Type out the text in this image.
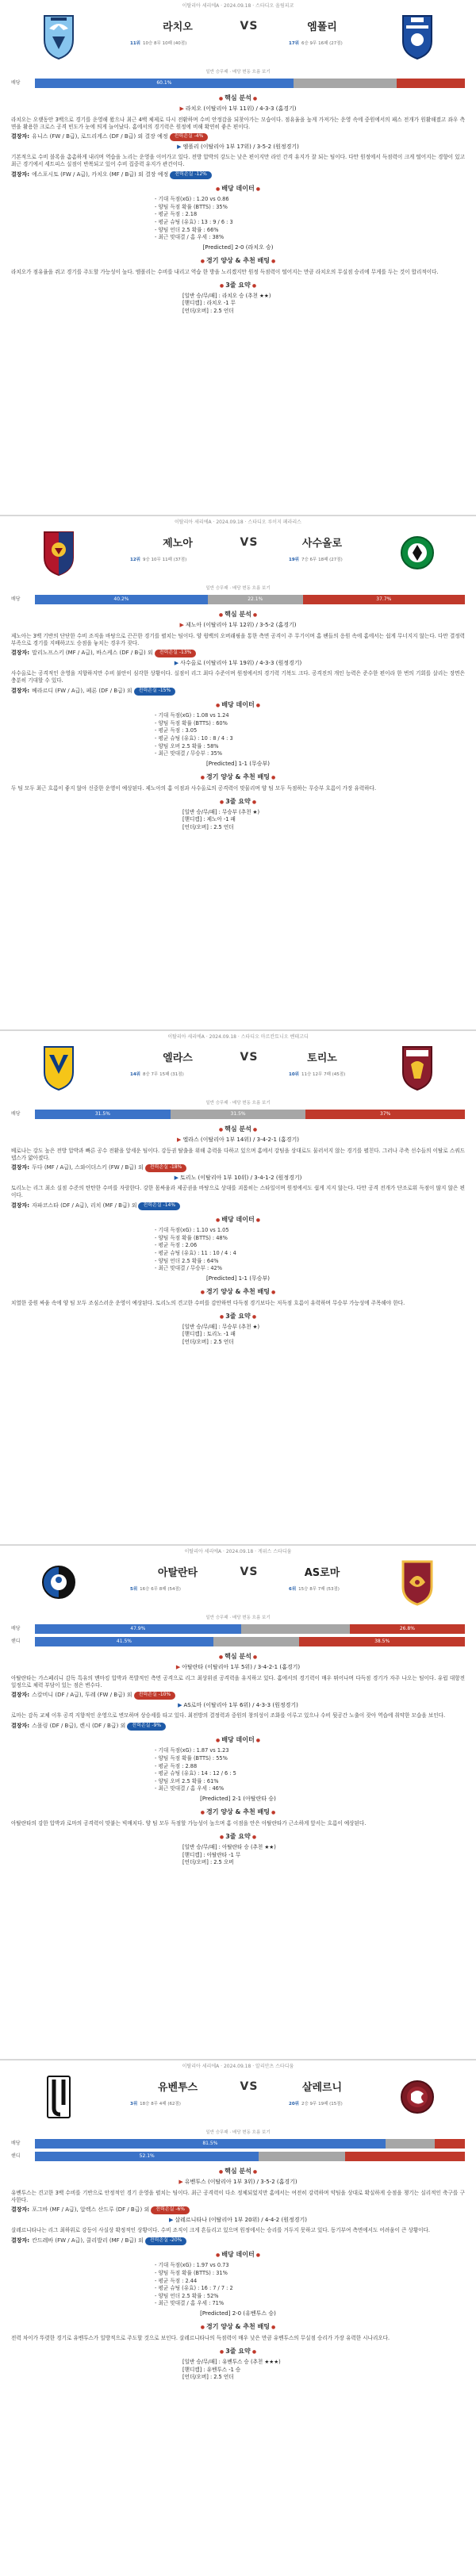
이탈리아 세리에A · 2024.09.18 · 스타디오 올림피코
라치오	VS	엠폴리
11위 10승 8무 10패 (40점)	17위 6승 9무 16패 (27점)
일반 승무패 · 배당 변동 흐름 보기
배당	60.1%
● 핵심 분석 ●
▶ 라치오 (이탈리아 1부 11위) / 4-3-3 (홈경기)

라치오는 오랫동안 3백으로 경기를 운영해 왔으나 최근 4백 체제로 다시 전환하며 수비 안정감을 되찾아가는 모습이다. 점유율을 높게 가져가는 운영 속에 중원에서의 패스 전개가 원활해졌고 좌우 측면을 활용한 크로스 공격 빈도가 눈에 띄게 늘어났다. 홈에서의 경기력은 원정에 비해 확연히 좋은 편이다.

결장자: 유니스 (FW / B급), 로드리게스 (DF / B급) 외 결장 예정	전력손실 -4%
▶ 엠폴리 (이탈리아 1부 17위) / 3-5-2 (원정경기)

기본적으로 수비 블록을 촘촘하게 내리며 역습을 노리는 운영을 이어가고 있다. 전방 압박의 강도는 낮은 편이지만 라인 간격 유지가 잘 되는 팀이다. 다만 원정에서 득점력이 크게 떨어지는 경향이 있고 최근 경기에서 세트피스 실점이 반복되고 있어 수비 집중력 유지가 관건이다.

결장자: 에스포시토 (FW / A급), 카치오 (MF / B급) 외 결장 예정	전력손실 -12%
● 배당 데이터 ●
- 기대 득점(xG) : 1.20 vs 0.86
- 양팀 득점 확률 (BTTS) : 35%
- 평균 득점 : 2.18
- 평균 슈팅 (유효) : 13 : 9 / 6 : 3
- 양팀 언더 2.5 확률 : 66%
- 최근 맞대결 / 홈 우세 : 38%
[Predicted] 2-0 (라치오 승)
● 경기 양상 & 추천 배팅 ●

라치오가 점유율을 쥐고 경기를 주도할 가능성이 높다. 엠폴리는 수비를 내리고 역습 한 방을 노리겠지만 원정 득점력이 떨어지는 만큼 라치오의 무실점 승리에 무게를 두는 것이 합리적이다.

● 3줄 요약 ●
[일반 승/무/패] : 라치오 승 (추천 ★★)
[핸디캡] : 라치오 -1 무
[언더/오버] : 2.5 언더
이탈리아 세리에A · 2024.09.18 · 스타디오 루이지 페라리스
제노아	VS	사수올로
12위 9승 10무 11패 (37점)	19위 7승 6무 18패 (27점)
일반 승무패 · 배당 변동 흐름 보기
배당	40.2%	22.1%	37.7%
● 핵심 분석 ●
▶ 제노아 (이탈리아 1부 12위) / 3-5-2 (홈경기)

제노아는 3백 기반의 단단한 수비 조직을 바탕으로 끈끈한 경기를 펼치는 팀이다. 양 윙백의 오버래핑을 통한 측면 공격이 주 무기이며 홈 팬들의 응원 속에 홈에서는 쉽게 무너지지 않는다. 다만 결정력 부족으로 경기를 지배하고도 승점을 놓치는 경우가 잦다.

결장자: 말리노프스키 (MF / A급), 바스케스 (DF / B급) 외	전력손실 -13%
▶ 사수올로 (이탈리아 1부 19위) / 4-3-3 (원정경기)

사수올로는 공격적인 운영을 지향하지만 수비 불안이 심각한 상황이다. 실점이 리그 최다 수준이며 원정에서의 경기력 기복도 크다. 공격진의 개인 능력은 준수한 편이라 한 번의 기회를 살리는 장면은 충분히 기대할 수 있다.

결장자: 베라르디 (FW / A급), 페론 (DF / B급) 외	전력손실 -15%
● 배당 데이터 ●
- 기대 득점(xG) : 1.08 vs 1.24
- 양팀 득점 확률 (BTTS) : 60%
- 평균 득점 : 3.05
- 평균 슈팅 (유효) : 10 : 8 / 4 : 3
- 양팀 오버 2.5 확률 : 58%
- 최근 맞대결 / 무승부 : 35%
[Predicted] 1-1 (무승부)
● 경기 양상 & 추천 배팅 ●

두 팀 모두 최근 흐름이 좋지 않아 신중한 운영이 예상된다. 제노아의 홈 이점과 사수올로의 공격력이 맞물리며 양 팀 모두 득점하는 무승부 흐름이 가장 유력하다.

● 3줄 요약 ●
[일반 승/무/패] : 무승부 (추천 ★)
[핸디캡] : 제노아 -1 패
[언더/오버] : 2.5 언더
이탈리아 세리에A · 2024.09.18 · 스타디오 마르칸토니오 벤테고디
엘라스	VS	토리노
14위 8승 7무 15패 (31점)	10위 11승 12무 7패 (45점)
일반 승무패 · 배당 변동 흐름 보기
배당	31.5%	31.5%	37%
● 핵심 분석 ●
▶ 엘라스 (이탈리아 1부 14위) / 3-4-2-1 (홈경기)

베로나는 강도 높은 전방 압박과 빠른 공수 전환을 앞세운 팀이다. 강등권 탈출을 위해 총력을 다하고 있으며 홈에서 강팀을 상대로도 물러서지 않는 경기를 펼친다. 그러나 주축 선수들의 이탈로 스쿼드 뎁스가 얇아졌다.

결장자: 두다 (MF / A급), 스와이더스키 (FW / B급) 외	전력손실 -18%
▶ 토리노 (이탈리아 1부 10위) / 3-4-1-2 (원정경기)

토리노는 리그 최소 실점 수준의 탄탄한 수비를 자랑한다. 강한 몸싸움과 제공권을 바탕으로 상대를 괴롭히는 스타일이며 원정에서도 쉽게 지지 않는다. 다만 공격 전개가 단조로워 득점이 많지 않은 편이다.

결장자: 자파코스타 (DF / A급), 리치 (MF / B급) 외	전력손실 -14%
● 배당 데이터 ●
- 기대 득점(xG) : 1.10 vs 1.05
- 양팀 득점 확률 (BTTS) : 48%
- 평균 득점 : 2.06
- 평균 슈팅 (유효) : 11 : 10 / 4 : 4
- 양팀 언더 2.5 확률 : 64%
- 최근 맞대결 / 무승부 : 42%
[Predicted] 1-1 (무승부)
● 경기 양상 & 추천 배팅 ●

치열한 중원 싸움 속에 양 팀 모두 조심스러운 운영이 예상된다. 토리노의 견고한 수비를 감안하면 다득점 경기보다는 저득점 흐름이 유력하며 무승부 가능성에 주목해야 한다.

● 3줄 요약 ●
[일반 승/무/패] : 무승부 (추천 ★)
[핸디캡] : 토리노 -1 패
[언더/오버] : 2.5 언더
이탈리아 세리에A · 2024.09.18 · 게위스 스타디움
아탈란타	VS	AS로마
5위 16승 6무 8패 (54점)	6위 15승 8무 7패 (53점)
일반 승무패 · 배당 변동 흐름 보기
배당	47.9%	26.8%
핸디	41.5%	38.5%
● 핵심 분석 ●
▶ 아탈란타 (이탈리아 1부 5위) / 3-4-2-1 (홈경기)

아탈란타는 가스페리니 감독 특유의 맨마킹 압박과 폭발적인 측면 공격으로 리그 최상위권 공격력을 유지하고 있다. 홈에서의 경기력이 매우 뛰어나며 다득점 경기가 자주 나오는 팀이다. 유럽 대항전 일정으로 체력 부담이 있는 점은 변수다.

결장자: 스칼비니 (DF / A급), 투레 (FW / B급) 외	전력손실 -10%
▶ AS로마 (이탈리아 1부 6위) / 4-3-3 (원정경기)

로마는 감독 교체 이후 공격 지향적인 운영으로 변모하며 상승세를 타고 있다. 최전방의 결정력과 중원의 창의성이 조화를 이루고 있으나 수비 뒷공간 노출이 잦아 역습에 취약한 모습을 보인다.

결장자: 스몰링 (DF / B급), 렌시 (DF / B급) 외	전력손실 -9%
● 배당 데이터 ●
- 기대 득점(xG) : 1.87 vs 1.23
- 양팀 득점 확률 (BTTS) : 55%
- 평균 득점 : 2.88
- 평균 슈팅 (유효) : 14 : 12 / 6 : 5
- 양팀 오버 2.5 확률 : 61%
- 최근 맞대결 / 홈 우세 : 46%
[Predicted] 2-1 (아탈란타 승)
● 경기 양상 & 추천 배팅 ●

아탈란타의 강한 압박과 로마의 공격력이 맞붙는 빅매치다. 양 팀 모두 득점할 가능성이 높으며 홈 이점을 안은 아탈란타가 근소하게 앞서는 흐름이 예상된다.

● 3줄 요약 ●
[일반 승/무/패] : 아탈란타 승 (추천 ★★)
[핸디캡] : 아탈란타 -1 무
[언더/오버] : 2.5 오버
이탈리아 세리에A · 2024.09.18 · 알리안츠 스타디움
유벤투스	VS	살레르니
3위 18승 8무 4패 (62점)	20위 2승 9무 19패 (15점)
일반 승무패 · 배당 변동 흐름 보기
배당	81.5%
핸디	52.1%
● 핵심 분석 ●
▶ 유벤투스 (이탈리아 1부 3위) / 3-5-2 (홈경기)

유벤투스는 견고한 3백 수비를 기반으로 안정적인 경기 운영을 펼치는 팀이다. 최근 공격력이 다소 정체되었지만 홈에서는 여전히 강력하며 약팀을 상대로 확실하게 승점을 챙기는 실리적인 축구를 구사한다.

결장자: 포그바 (MF / A급), 알렉스 산드루 (DF / B급) 외	전력손실 -6%
▶ 살레르니타나 (이탈리아 1부 20위) / 4-4-2 (원정경기)

살레르니타나는 리그 최하위로 강등이 사실상 확정적인 상황이다. 수비 조직이 크게 흔들리고 있으며 원정에서는 승리를 거두지 못하고 있다. 동기부여 측면에서도 어려움이 큰 상황이다.

결장자: 칸드레바 (FW / A급), 쿨리발리 (MF / B급) 외	전력손실 -20%
● 배당 데이터 ●
- 기대 득점(xG) : 1.97 vs 0.73
- 양팀 득점 확률 (BTTS) : 31%
- 평균 득점 : 2.44
- 평균 슈팅 (유효) : 16 : 7 / 7 : 2
- 양팀 언더 2.5 확률 : 52%
- 최근 맞대결 / 홈 우세 : 71%
[Predicted] 2-0 (유벤투스 승)
● 경기 양상 & 추천 배팅 ●

전력 차이가 뚜렷한 경기로 유벤투스가 일방적으로 주도할 것으로 보인다. 살레르니타나의 득점력이 매우 낮은 만큼 유벤투스의 무실점 승리가 가장 유력한 시나리오다.

● 3줄 요약 ●
[일반 승/무/패] : 유벤투스 승 (추천 ★★★)
[핸디캡] : 유벤투스 -1 승
[언더/오버] : 2.5 언더
